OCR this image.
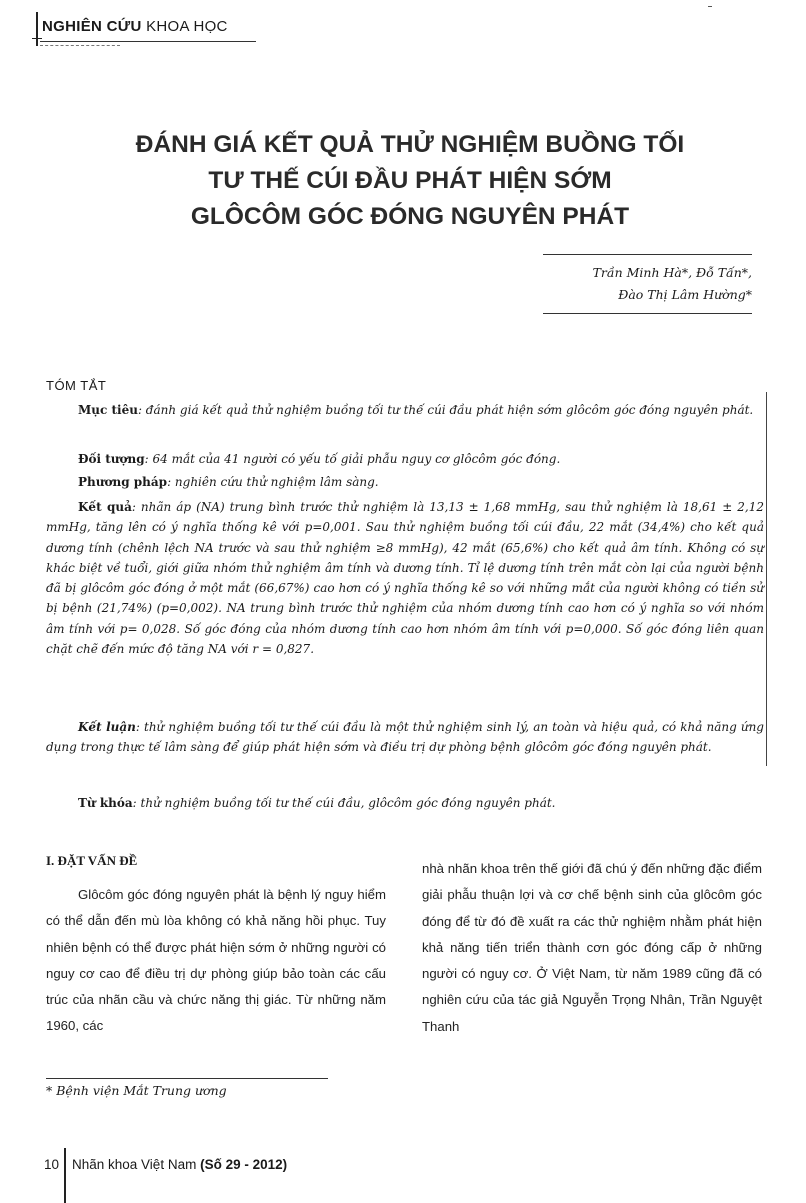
NGHIÊN CỨU KHOA HỌC
ĐÁNH GIÁ KẾT QUẢ THỬ NGHIỆM BUỒNG TỐI
TƯ THẾ CÚI ĐẦU PHÁT HIỆN SỚM
GLÔCÔM GÓC ĐÓNG NGUYÊN PHÁT
Trần Minh Hà*, Đỗ Tấn*,
Đào Thị Lâm Hường*
TÓM TẮT
Mục tiêu: đánh giá kết quả thử nghiệm buồng tối tư thế cúi đầu phát hiện sớm glôcôm góc đóng nguyên phát.
Đối tượng: 64 mắt của 41 người có yếu tố giải phẫu nguy cơ glôcôm góc đóng.
Phương pháp: nghiên cứu thử nghiệm lâm sàng.
Kết quả: nhãn áp (NA) trung bình trước thử nghiệm là 13,13 ± 1,68 mmHg, sau thử nghiệm là 18,61 ± 2,12 mmHg, tăng lên có ý nghĩa thống kê với p=0,001. Sau thử nghiệm buồng tối cúi đầu, 22 mắt (34,4%) cho kết quả dương tính (chênh lệch NA trước và sau thử nghiệm ≥8 mmHg), 42 mắt (65,6%) cho kết quả âm tính. Không có sự khác biệt về tuổi, giới giữa nhóm thử nghiệm âm tính và dương tính. Tỉ lệ dương tính trên mắt còn lại của người bệnh đã bị glôcôm góc đóng ở một mắt (66,67%) cao hơn có ý nghĩa thống kê so với những mắt của người không có tiền sử bị bệnh (21,74%) (p=0,002). NA trung bình trước thử nghiệm của nhóm dương tính cao hơn có ý nghĩa so với nhóm âm tính với p= 0,028. Số góc đóng của nhóm dương tính cao hơn nhóm âm tính với p=0,000. Số góc đóng liên quan chặt chẽ đến mức độ tăng NA với r = 0,827.
Kết luận: thử nghiệm buồng tối tư thế cúi đầu là một thử nghiệm sinh lý, an toàn và hiệu quả, có khả năng ứng dụng trong thực tế lâm sàng để giúp phát hiện sớm và điều trị dự phòng bệnh glôcôm góc đóng nguyên phát.
Từ khóa: thử nghiệm buồng tối tư thế cúi đầu, glôcôm góc đóng nguyên phát.
I. ĐẶT VẤN ĐỀ
Glôcôm góc đóng nguyên phát là bệnh lý nguy hiểm có thể dẫn đến mù lòa không có khả năng hồi phục. Tuy nhiên bệnh có thể được phát hiện sớm ở những người có nguy cơ cao để điều trị dự phòng giúp bảo toàn các cấu trúc của nhãn cầu và chức năng thị giác. Từ những năm 1960, các
nhà nhãn khoa trên thế giới đã chú ý đến những đặc điểm giải phẫu thuận lợi và cơ chế bệnh sinh của glôcôm góc đóng để từ đó đề xuất ra các thử nghiệm nhằm phát hiện khả năng tiến triển thành cơn góc đóng cấp ở những người có nguy cơ. Ở Việt Nam, từ năm 1989 cũng đã có nghiên cứu của tác giả Nguyễn Trọng Nhân, Trần Nguyệt Thanh
* Bệnh viện Mắt Trung ương
10 Nhãn khoa Việt Nam (Số 29 - 2012)
